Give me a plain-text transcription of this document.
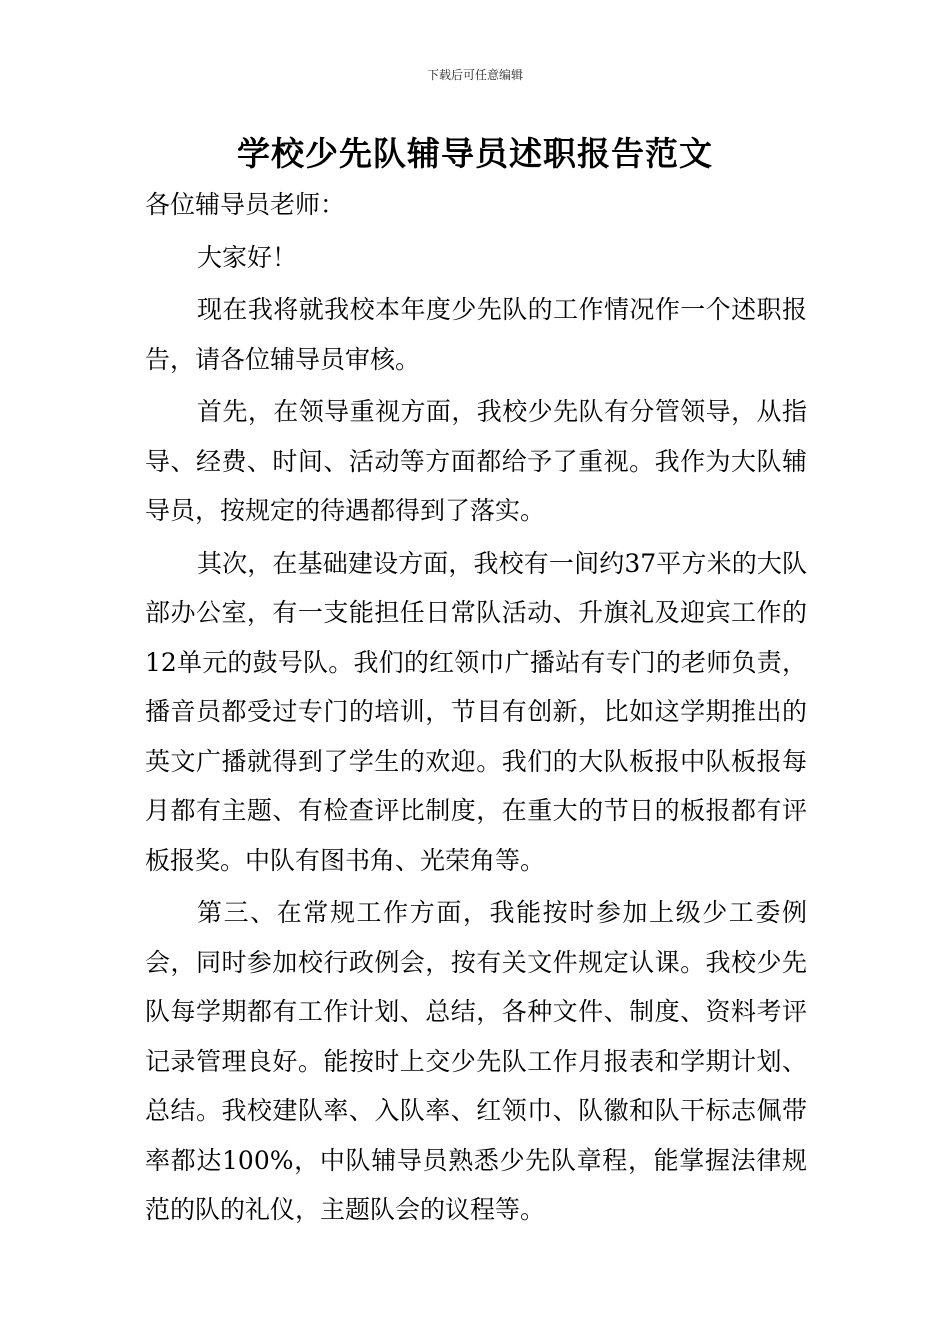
下载后可任意编辑
学校少先队辅导员述职报告范文

各位辅导员老师：

大家好！

现在我将就我校本年度少先队的工作情况作一个述职报告，请各位辅导员审核。

首先，在领导重视方面，我校少先队有分管领导，从指导、经费、时间、活动等方面都给予了重视。我作为大队辅导员，按规定的待遇都得到了落实。

其次，在基础建设方面，我校有一间约37平方米的大队部办公室，有一支能担任日常队活动、升旗礼及迎宾工作的12单元的鼓号队。我们的红领巾广播站有专门的老师负责，播音员都受过专门的培训，节目有创新，比如这学期推出的英文广播就得到了学生的欢迎。我们的大队板报中队板报每月都有主题、有检查评比制度，在重大的节日的板报都有评板报奖。中队有图书角、光荣角等。

第三、在常规工作方面，我能按时参加上级少工委例会，同时参加校行政例会，按有关文件规定认课。我校少先队每学期都有工作计划、总结，各种文件、制度、资料考评记录管理良好。能按时上交少先队工作月报表和学期计划、总结。我校建队率、入队率、红领巾、队徽和队干标志佩带率都达100%，中队辅导员熟悉少先队章程，能掌握法律规范的队的礼仪，主题队会的议程等。
